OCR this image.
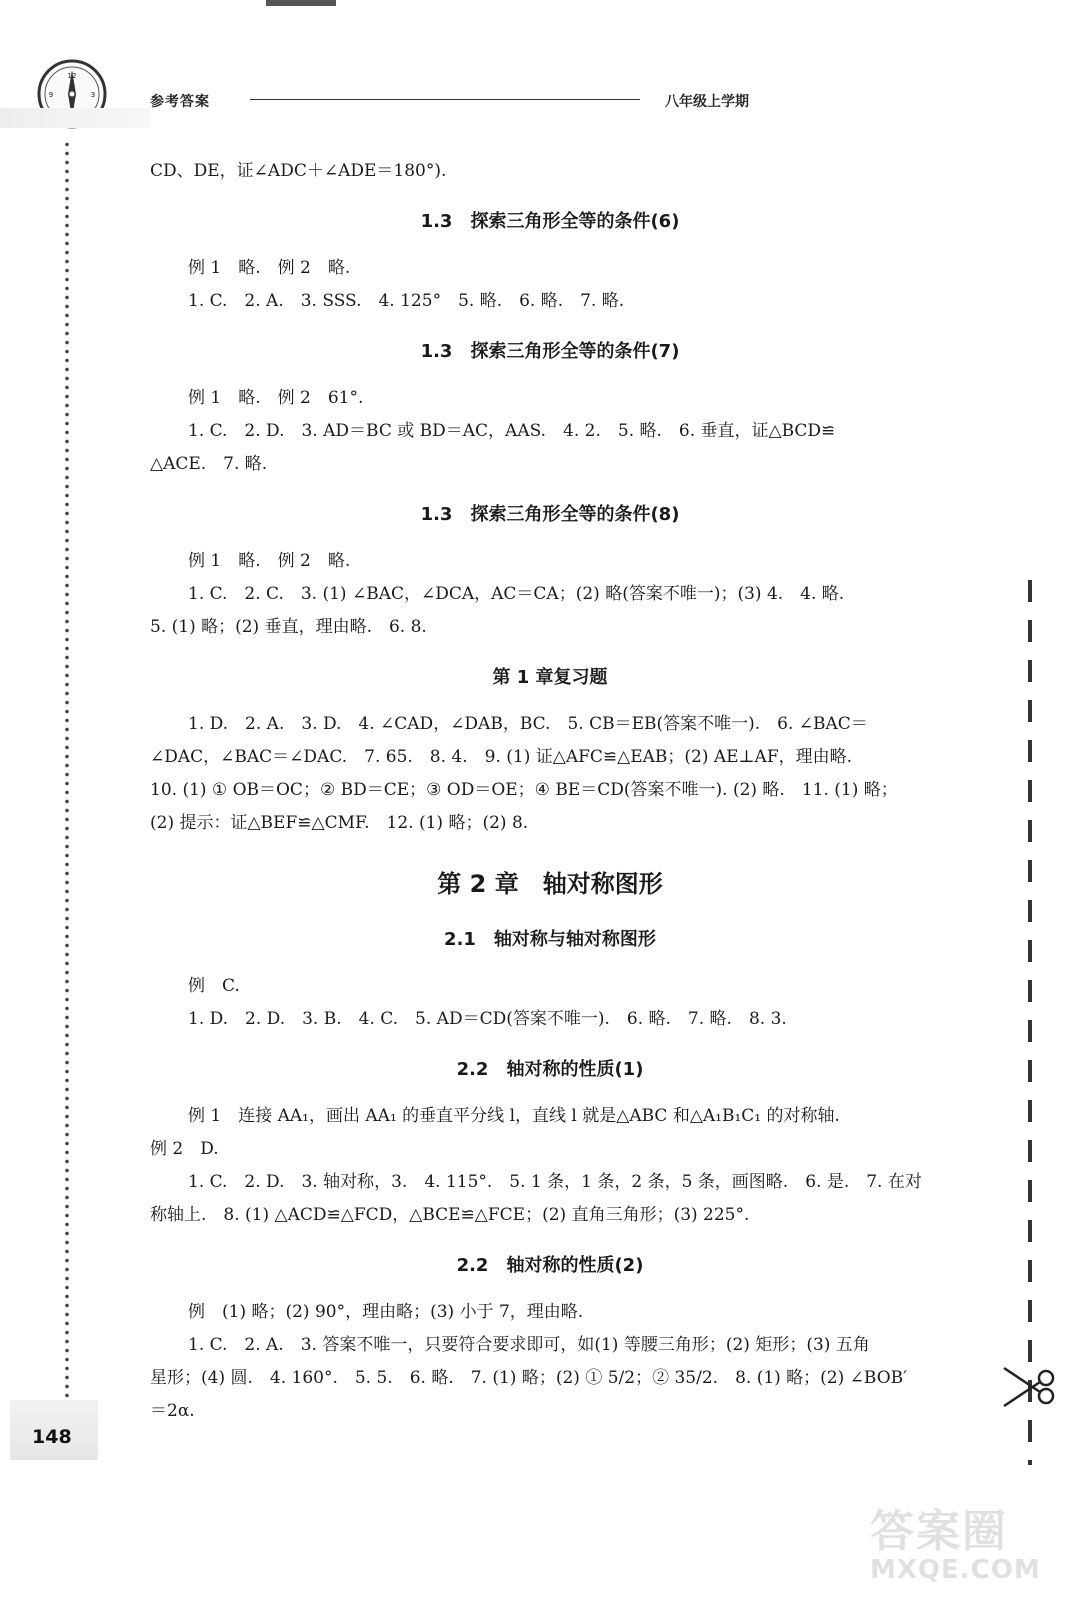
12
3
9	参考答案	八年级上学期
148
CD、DE，证∠ADC＋∠ADE＝180°).
1.3　探索三角形全等的条件(6)
例 1　略.　例 2　略.
1. C.　2. A.　3. SSS.　4. 125°　5. 略.　6. 略.　7. 略.
1.3　探索三角形全等的条件(7)
例 1　略.　例 2　61°.
1. C.　2. D.　3. AD＝BC 或 BD＝AC，AAS.　4. 2.　5. 略.　6. 垂直，证△BCD≌
△ACE.　7. 略.
1.3　探索三角形全等的条件(8)
例 1　略.　例 2　略.
1. C.　2. C.　3. (1) ∠BAC，∠DCA，AC＝CA；(2) 略(答案不唯一)；(3) 4.　4. 略.
5. (1) 略；(2) 垂直，理由略.　6. 8.
第 1 章复习题
1. D.　2. A.　3. D.　4. ∠CAD，∠DAB，BC.　5. CB＝EB(答案不唯一).　6. ∠BAC＝
∠DAC，∠BAC＝∠DAC.　7. 65.　8. 4.　9. (1) 证△AFC≌△EAB；(2) AE⊥AF，理由略.
10. (1) ① OB＝OC；② BD＝CE；③ OD＝OE；④ BE＝CD(答案不唯一). (2) 略.　11. (1) 略；
(2) 提示：证△BEF≌△CMF.　12. (1) 略；(2) 8.
第 2 章　轴对称图形
2.1　轴对称与轴对称图形
例　C.
1. D.　2. D.　3. B.　4. C.　5. AD＝CD(答案不唯一).　6. 略.　7. 略.　8. 3.
2.2　轴对称的性质(1)
例 1　连接 AA₁，画出 AA₁ 的垂直平分线 l，直线 l 就是△ABC 和△A₁B₁C₁ 的对称轴.
例 2　D.
1. C.　2. D.　3. 轴对称，3.　4. 115°.　5. 1 条，1 条，2 条，5 条，画图略.　6. 是.　7. 在对
称轴上.　8. (1) △ACD≌△FCD，△BCE≌△FCE；(2) 直角三角形；(3) 225°.
2.2　轴对称的性质(2)
例　(1) 略；(2) 90°，理由略；(3) 小于 7，理由略.
1. C.　2. A.　3. 答案不唯一，只要符合要求即可，如(1) 等腰三角形；(2) 矩形；(3) 五角
星形；(4) 圆.　4. 160°.　5. 5.　6. 略.　7. (1) 略；(2) ① 5/2；② 35/2.　8. (1) 略；(2) ∠BOB′
＝2α.
答案圈
MXQE.COM
